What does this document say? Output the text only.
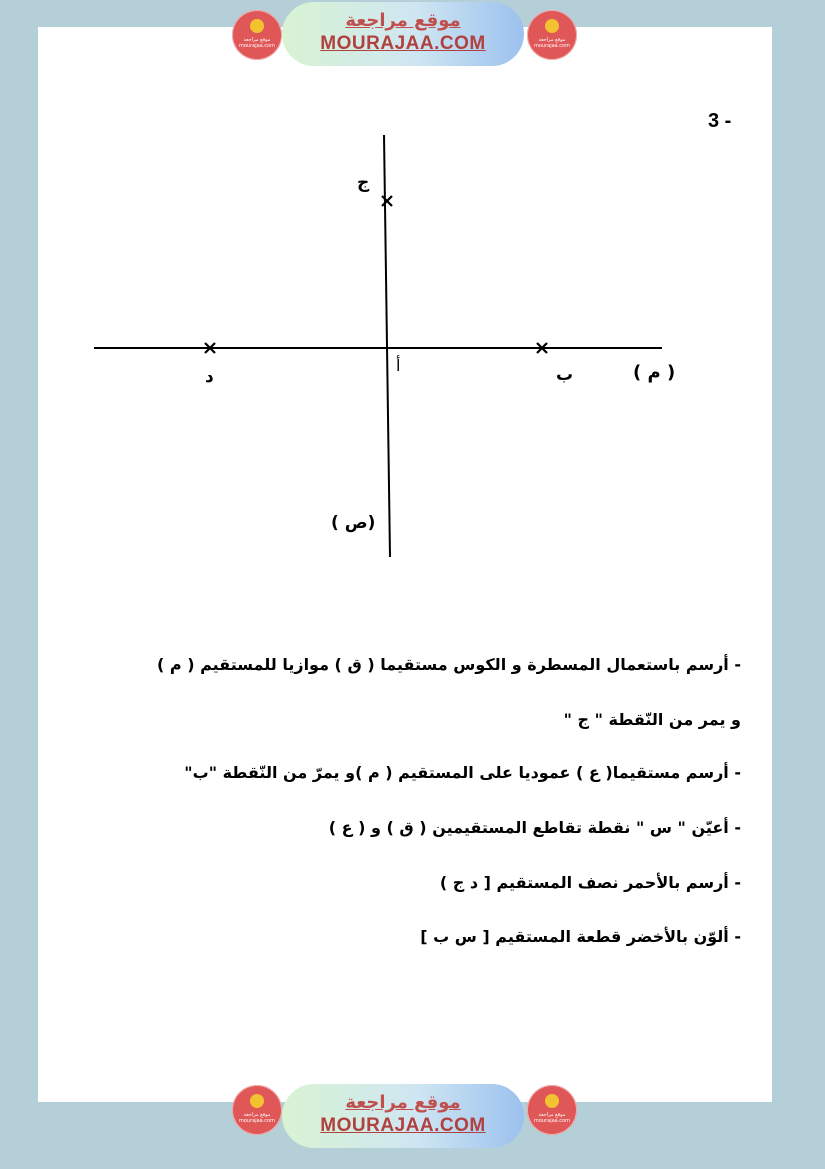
موقع مراجعة mourajaa.com
موقع مراجعة
MOURAJAA.COM	موقع مراجعة mourajaa.com
3 -
ج
أ	ب
د	( م )
( ص)
- أرسم باستعمال المسطرة و الكوس مستقيما ( ق ) موازيا للمستقيم ( م )
و يمر من النّقطة " ج "
- أرسم مستقيما( ع ) عموديا على المستقيم ( م )و يمرّ من النّقطة "ب"
- أعيّن " س " نقطة تقاطع المستقيمين ( ق ) و ( ع )
- أرسم بالأحمر نصف المستقيم [ د ج )
- ألوّن بالأخضر قطعة المستقيم [ س ب ]
موقع مراجعة mourajaa.com
موقع مراجعة
MOURAJAA.COM	موقع مراجعة mourajaa.com
